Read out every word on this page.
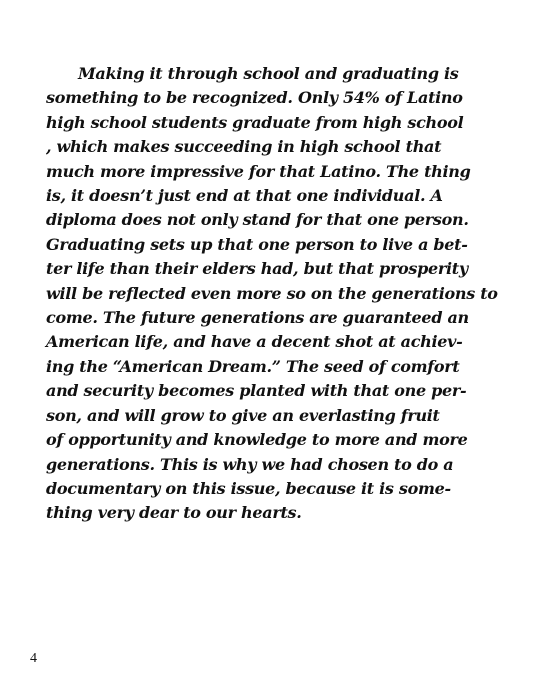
Making it through school and graduating is
something to be recognized. Only 54% of Latino
high school students graduate from high school
, which makes succeeding in high school that
much more impressive for that Latino. The thing
is, it doesn’t just end at that one individual. A
diploma does not only stand for that one person.
Graduating sets up that one person to live a bet-
ter life than their elders had, but that prosperity
will be reflected even more so on the generations to
come. The future generations are guaranteed an
American life, and have a decent shot at achiev-
ing the “American Dream.” The seed of comfort
and security becomes planted with that one per-
son, and will grow to give an everlasting fruit
of opportunity and knowledge to more and more
generations. This is why we had chosen to do a
documentary on this issue, because it is some-
thing very dear to our hearts.
4
